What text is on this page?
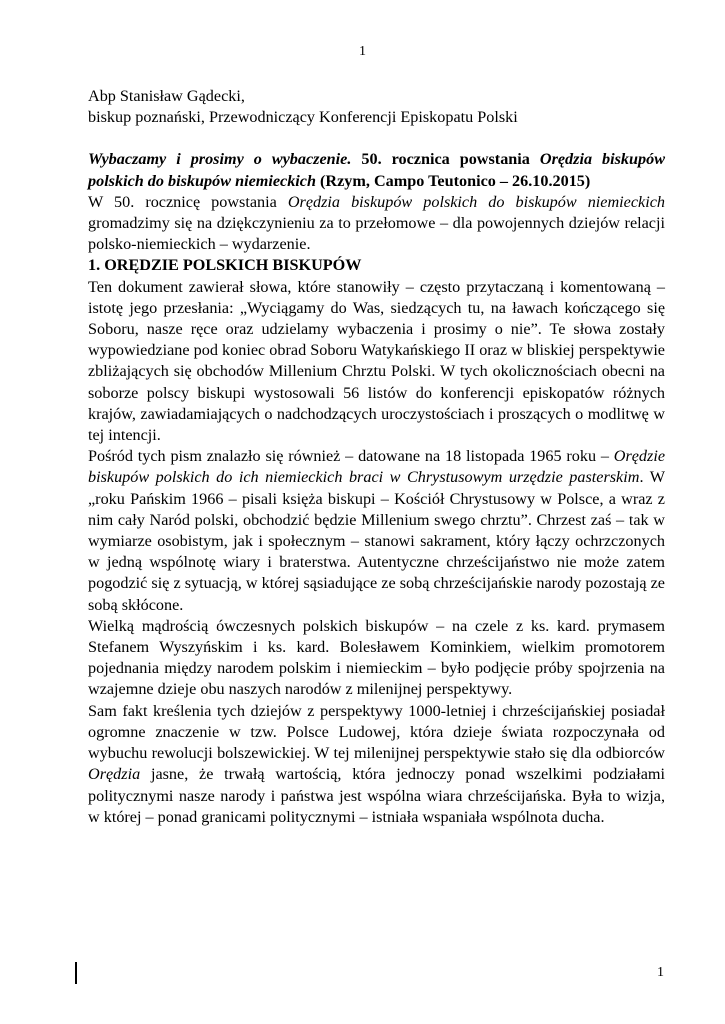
1

Abp Stanisław Gądecki,

biskup poznański, Przewodniczący Konferencji Episkopatu Polski

Wybaczamy i prosimy o wybaczenie. 50. rocznica powstania Orędzia biskupów polskich do biskupów niemieckich (Rzym, Campo Teutonico – 26.10.2015)

W 50. rocznicę powstania Orędzia biskupów polskich do biskupów niemieckich gromadzimy się na dziękczynieniu za to przełomowe – dla powojennych dziejów relacji polsko-niemieckich – wydarzenie.

1. ORĘDZIE POLSKICH BISKUPÓW

Ten dokument zawierał słowa, które stanowiły – często przytaczaną i komentowaną – istotę jego przesłania: „Wyciągamy do Was, siedzących tu, na ławach kończącego się Soboru, nasze ręce oraz udzielamy wybaczenia i prosimy o nie”. Te słowa zostały wypowiedziane pod koniec obrad Soboru Watykańskiego II oraz w bliskiej perspektywie zbliżających się obchodów Millenium Chrztu Polski. W tych okolicznościach obecni na soborze polscy biskupi wystosowali 56 listów do konferencji episkopatów różnych krajów, zawiadamiających o nadchodzących uroczystościach i proszących o modlitwę w tej intencji.

Pośród tych pism znalazło się również – datowane na 18 listopada 1965 roku – Orędzie biskupów polskich do ich niemieckich braci w Chrystusowym urzędzie pasterskim. W „roku Pańskim 1966 – pisali księża biskupi – Kościół Chrystusowy w Polsce, a wraz z nim cały Naród polski, obchodzić będzie Millenium swego chrztu”. Chrzest zaś – tak w wymiarze osobistym, jak i społecznym – stanowi sakrament, który łączy ochrzczonych w jedną wspólnotę wiary i braterstwa. Autentyczne chrześcijaństwo nie może zatem pogodzić się z sytuacją, w której sąsiadujące ze sobą chrześcijańskie narody pozostają ze sobą skłócone.

Wielką mądrością ówczesnych polskich biskupów – na czele z ks. kard. prymasem Stefanem Wyszyńskim i ks. kard. Bolesławem Kominkiem, wielkim promotorem pojednania między narodem polskim i niemieckim – było podjęcie próby spojrzenia na wzajemne dzieje obu naszych narodów z milenijnej perspektywy.

Sam fakt kreślenia tych dziejów z perspektywy 1000-letniej i chrześcijańskiej posiadał ogromne znaczenie w tzw. Polsce Ludowej, która dzieje świata rozpoczynała od wybuchu rewolucji bolszewickiej. W tej milenijnej perspektywie stało się dla odbiorców Orędzia jasne, że trwałą wartością, która jednoczy ponad wszelkimi podziałami politycznymi nasze narody i państwa jest wspólna wiara chrześcijańska. Była to wizja, w której – ponad granicami politycznymi – istniała wspaniała wspólnota ducha.

1
